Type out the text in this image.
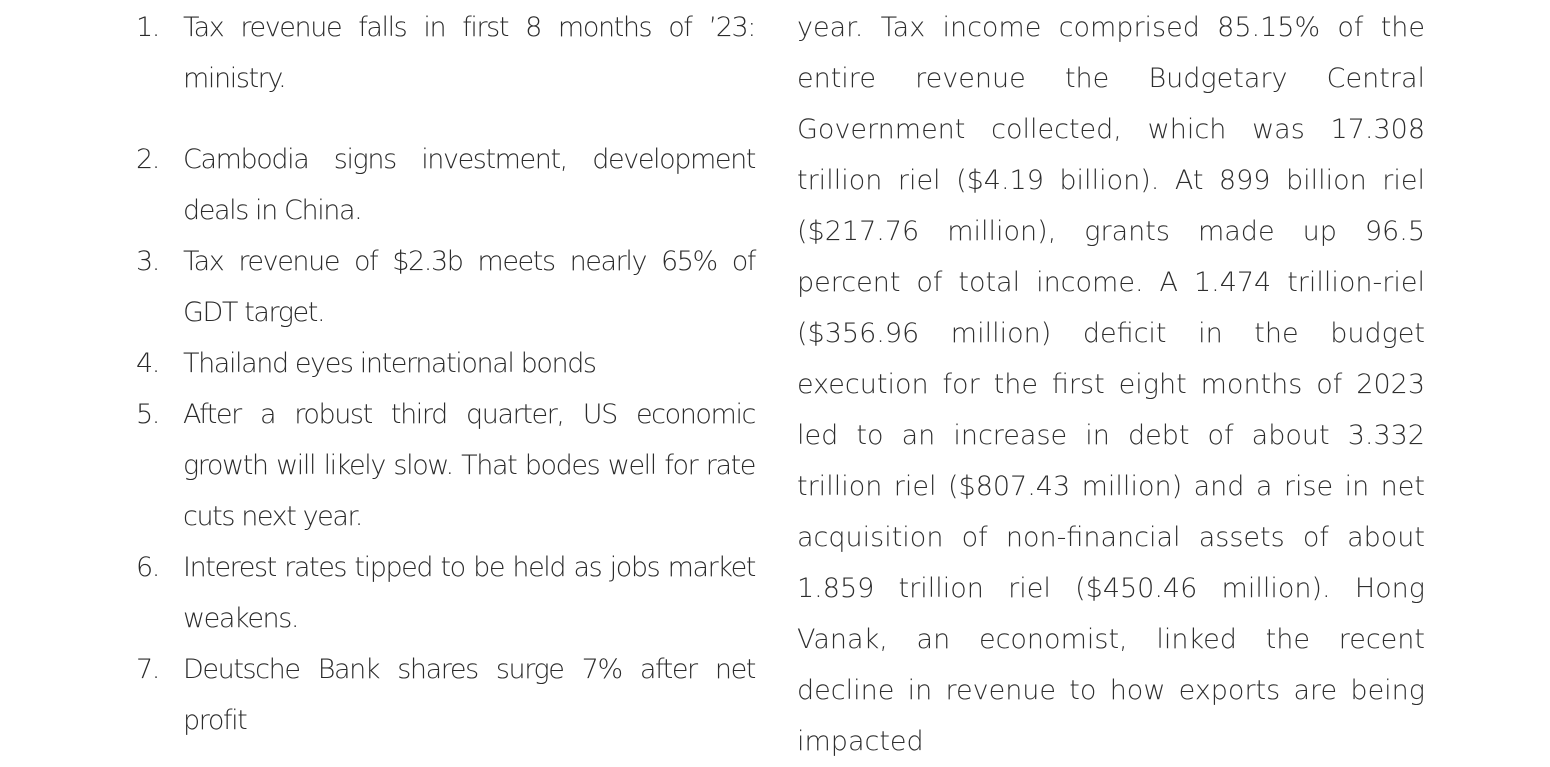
1. Tax revenue falls in first 8 months of ’23: ministry.
2. Cambodia signs investment, development deals in China.
3. Tax revenue of $2.3b meets nearly 65% of GDT target.
4. Thailand eyes international bonds
5. After a robust third quarter, US economic growth will likely slow. That bodes well for rate cuts next year.
6. Interest rates tipped to be held as jobs market weakens.
7. Deutsche Bank shares surge 7% after net profit

year. Tax income comprised 85.15% of the entire revenue the Budgetary Central Government collected, which was 17.308 trillion riel ($4.19 billion). At 899 billion riel ($217.76 million), grants made up 96.5 percent of total income. A 1.474 trillion-riel ($356.96 million) deficit in the budget execution for the first eight months of 2023 led to an increase in debt of about 3.332 trillion riel ($807.43 million) and a rise in net acquisition of non-financial assets of about 1.859 trillion riel ($450.46 million). Hong Vanak, an economist, linked the recent decline in revenue to how exports are being impacted
